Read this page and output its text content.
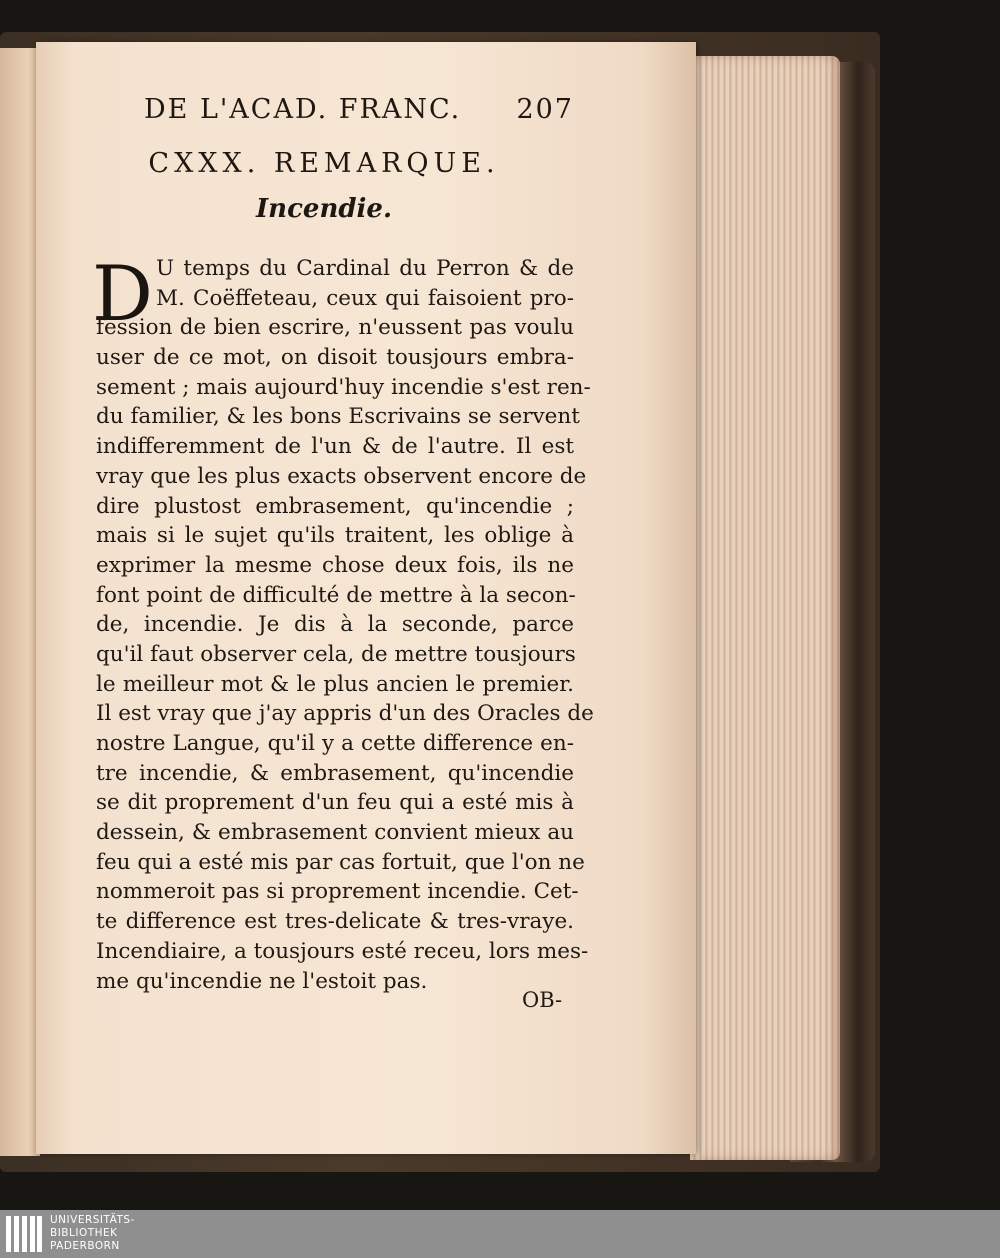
DE L'ACAD. FRANC. 207
CXXX. REMARQUE.
Incendie.
D U temps du Cardinal du Perron & de
M. Coëffeteau, ceux qui faisoient pro-
fession de bien escrire, n'eussent pas voulu
user de ce mot, on disoit tousjours embra-
sement ; mais aujourd'huy incendie s'est ren-
du familier, & les bons Escrivains se servent
indifferemment de l'un & de l'autre. Il est
vray que les plus exacts observent encore de
dire plustost embrasement, qu'incendie ;
mais si le sujet qu'ils traitent, les oblige à
exprimer la mesme chose deux fois, ils ne
font point de difficulté de mettre à la secon-
de, incendie. Je dis à la seconde, parce
qu'il faut observer cela, de mettre tousjours
le meilleur mot & le plus ancien le premier.
Il est vray que j'ay appris d'un des Oracles de
nostre Langue, qu'il y a cette difference en-
tre incendie, & embrasement, qu'incendie
se dit proprement d'un feu qui a esté mis à
dessein, & embrasement convient mieux au
feu qui a esté mis par cas fortuit, que l'on ne
nommeroit pas si proprement incendie. Cet-
te difference est tres-delicate & tres-vraye.
Incendiaire, a tousjours esté receu, lors mes-
me qu'incendie ne l'estoit pas.
OB-
UNIVERSITÄTS-
BIBLIOTHEK
PADERBORN
